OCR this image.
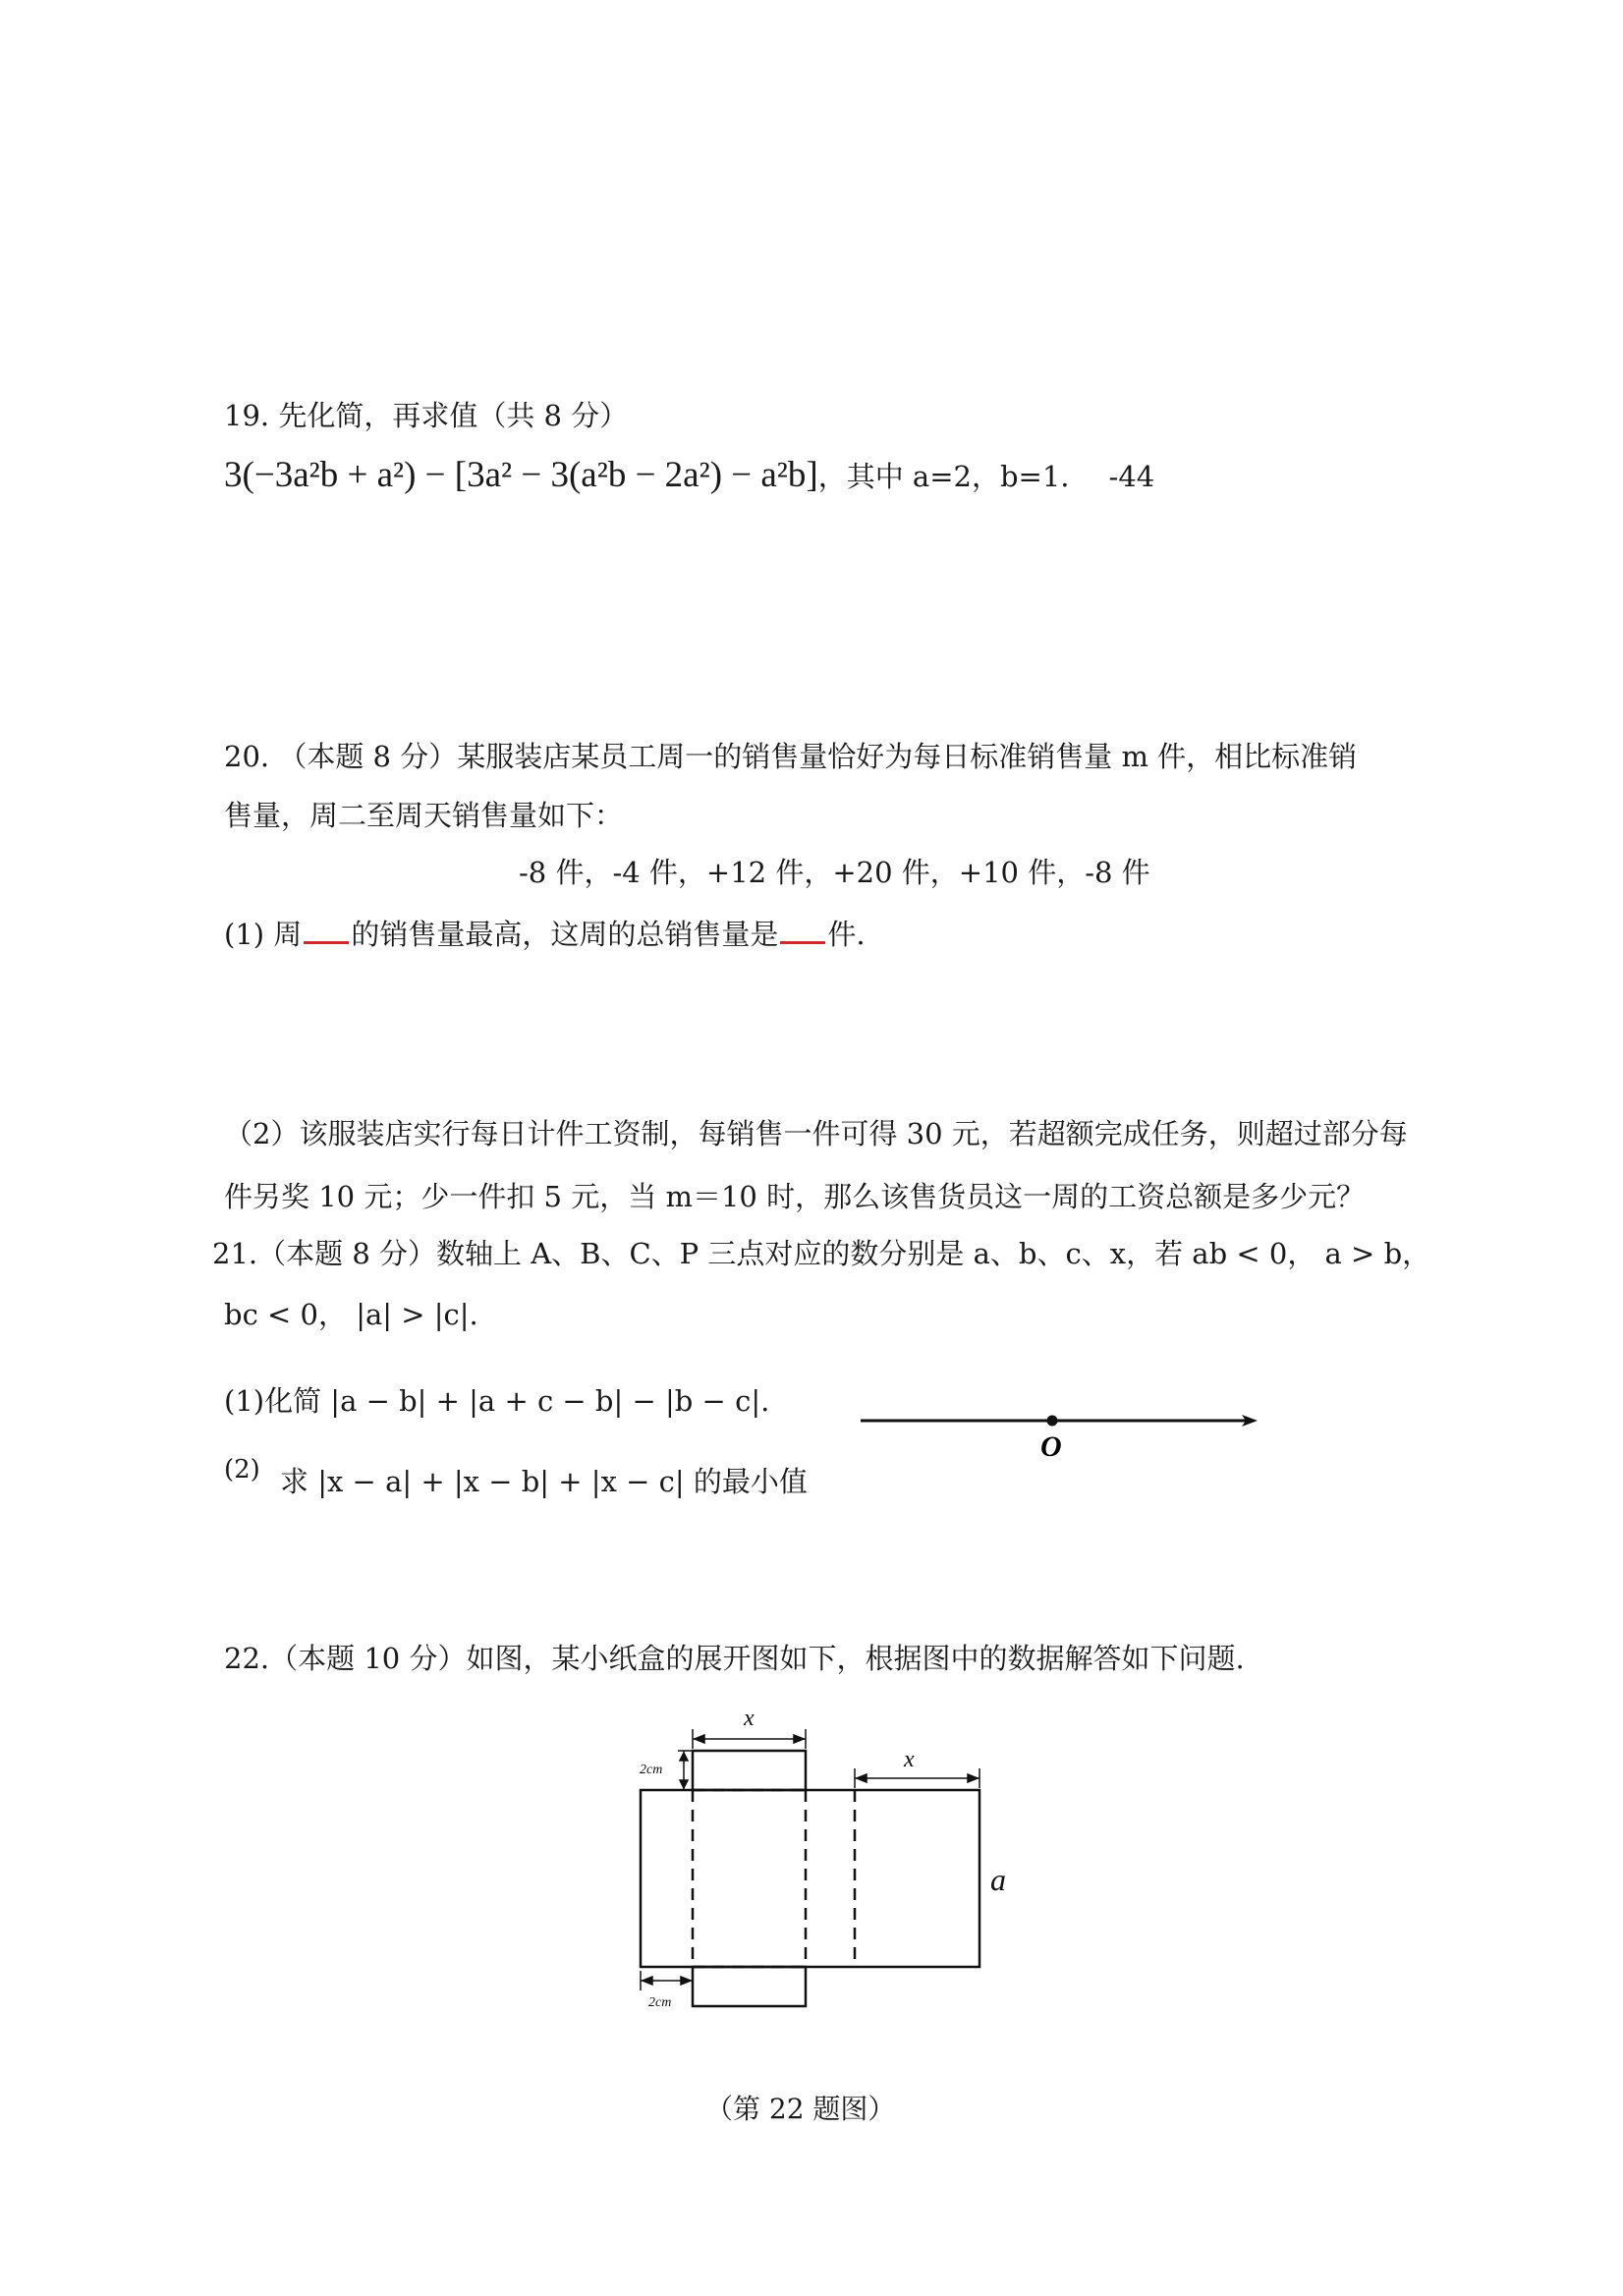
19. 先化简，再求值（共 8 分）
3(−3a²b + a²) − [3a² − 3(a²b − 2a²) − a²b]，其中 a=2，b=1. -44
20. （本题 8 分）某服装店某员工周一的销售量恰好为每日标准销售量 m 件，相比标准销
售量，周二至周天销售量如下：
-8 件，-4 件，+12 件，+20 件，+10 件，-8 件
(1) 周 的销售量最高，这周的总销售量是 件.
（2）该服装店实行每日计件工资制，每销售一件可得 30 元，若超额完成任务，则超过部分每
件另奖 10 元；少一件扣 5 元，当 m＝10 时，那么该售货员这一周的工资总额是多少元？
21.（本题 8 分）数轴上 A、B、C、P 三点对应的数分别是 a、b、c、x，若 ab < 0， a > b，
bc < 0， |a| > |c|.
(1)化简 |a − b| + |a + c − b| − |b − c|.
(2) 求 |x − a| + |x − b| + |x − c| 的最小值
O
22.（本题 10 分）如图，某小纸盒的展开图如下，根据图中的数据解答如下问题.
x
x
a
2cm
2cm
（第 22 题图）
